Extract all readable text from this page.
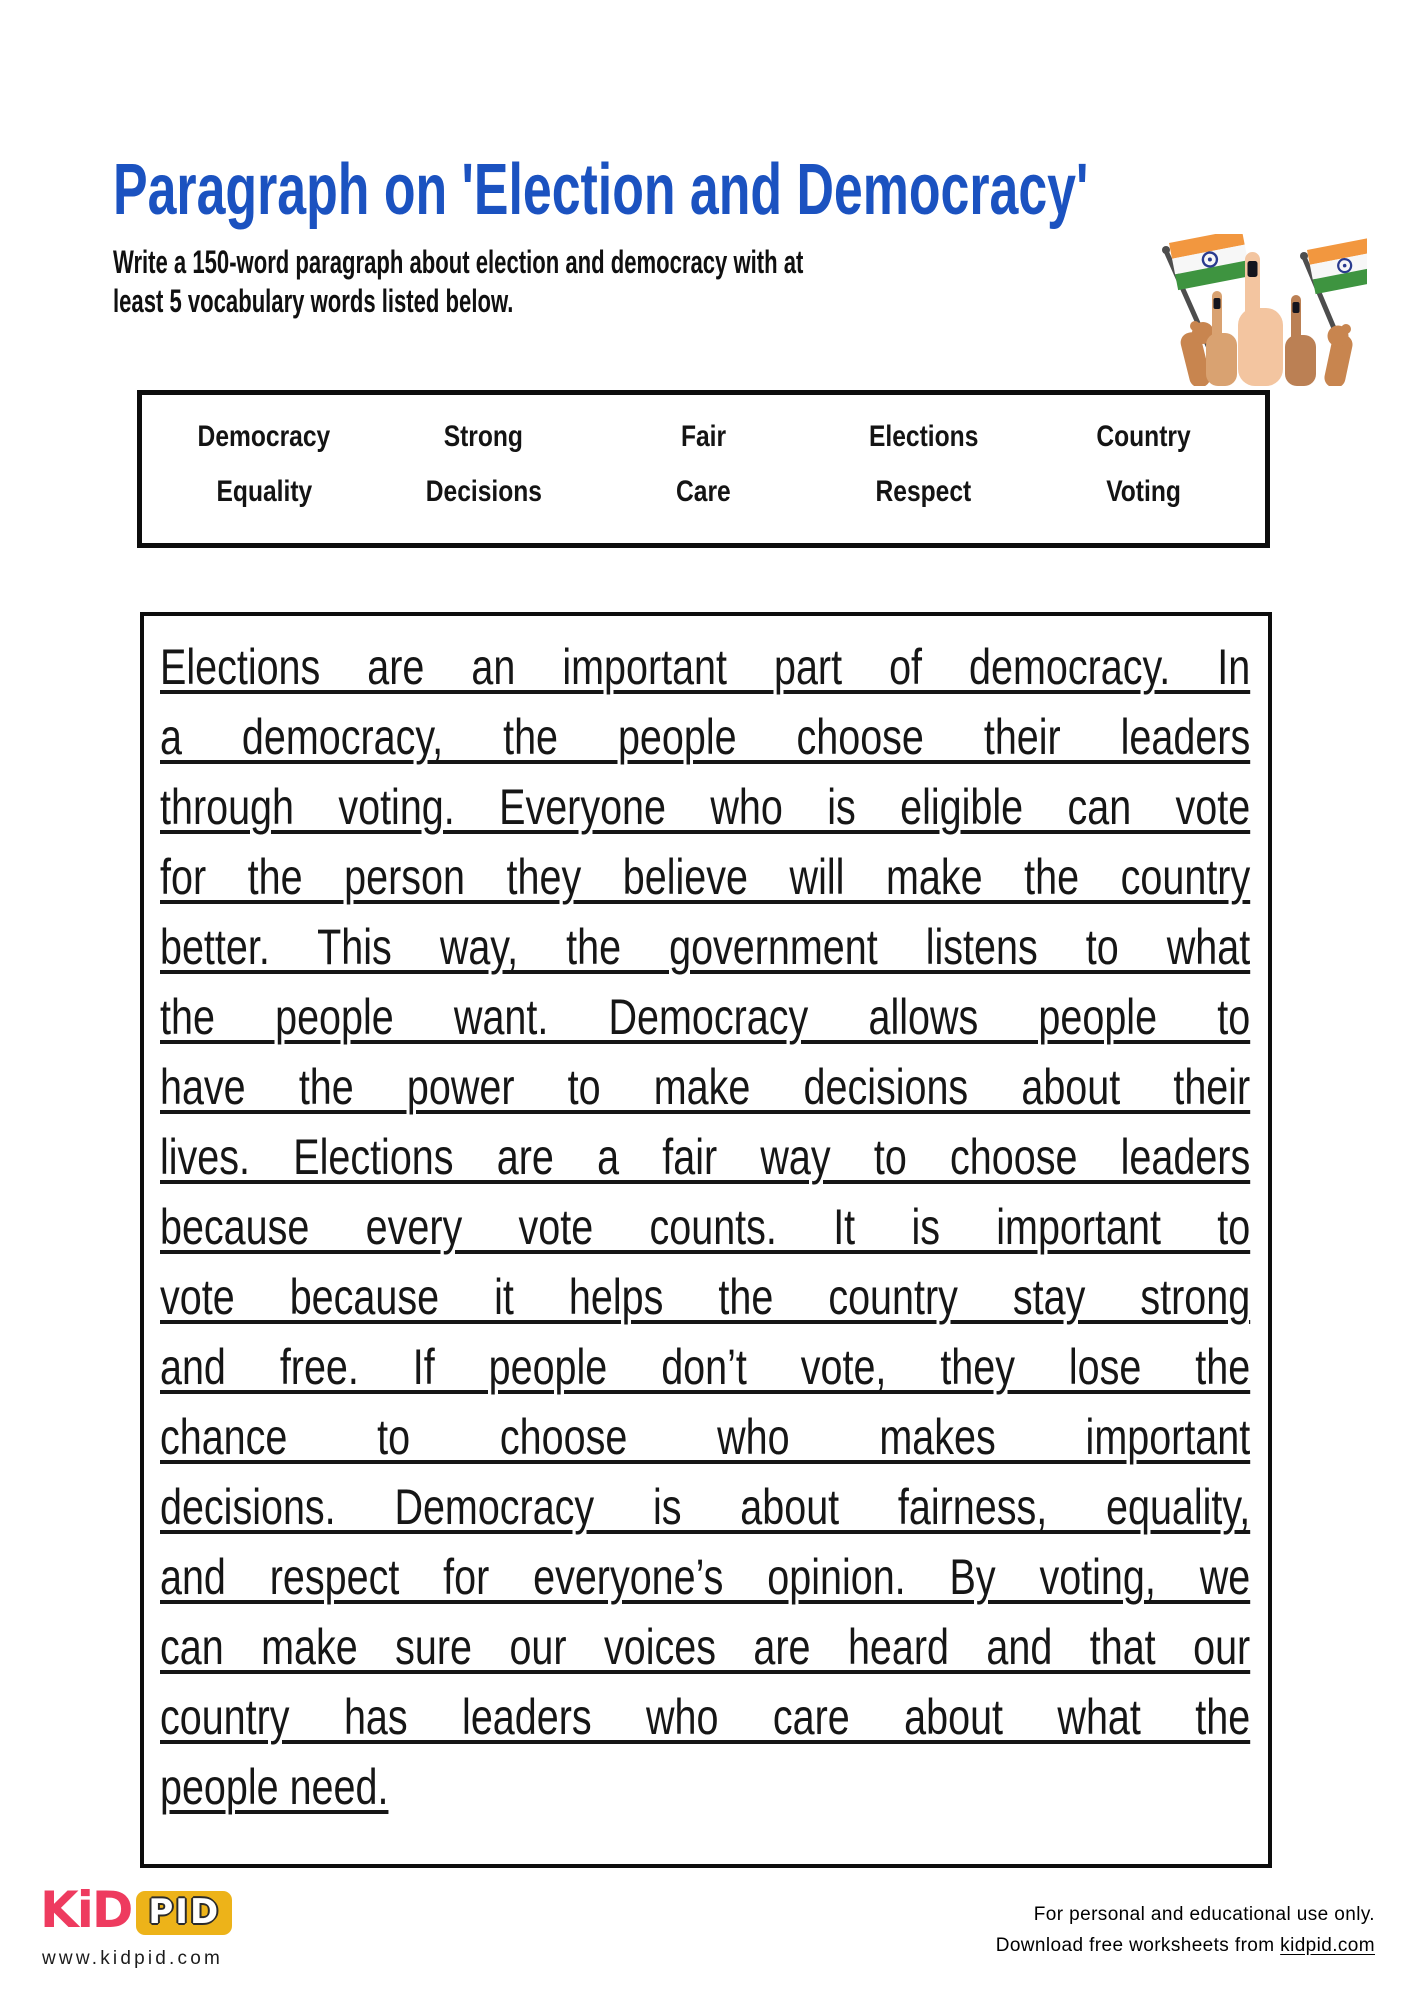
Paragraph on 'Election and Democracy'
Write a 150-word paragraph about election and democracy with at
least 5 vocabulary words listed below.
Democracy	Strong	Fair	Elections	Country
Equality	Decisions	Care	Respect	Voting
Elections are an important part of democracy. In
a democracy, the people choose their leaders
through voting. Everyone who is eligible can vote
for the person they believe will make the country
better. This way, the government listens to what
the people want. Democracy allows people to
have the power to make decisions about their
lives. Elections are a fair way to choose leaders
because every vote counts. It is important to
vote because it helps the country stay strong
and free. If people don’t vote, they lose the
chance to choose who makes important
decisions. Democracy is about fairness, equality,
and respect for everyone’s opinion. By voting, we
can make sure our voices are heard and that our
country has leaders who care about what the
people need.
KiD PID
www.kidpid.com
For personal and educational use only.
Download free worksheets from kidpid.com
